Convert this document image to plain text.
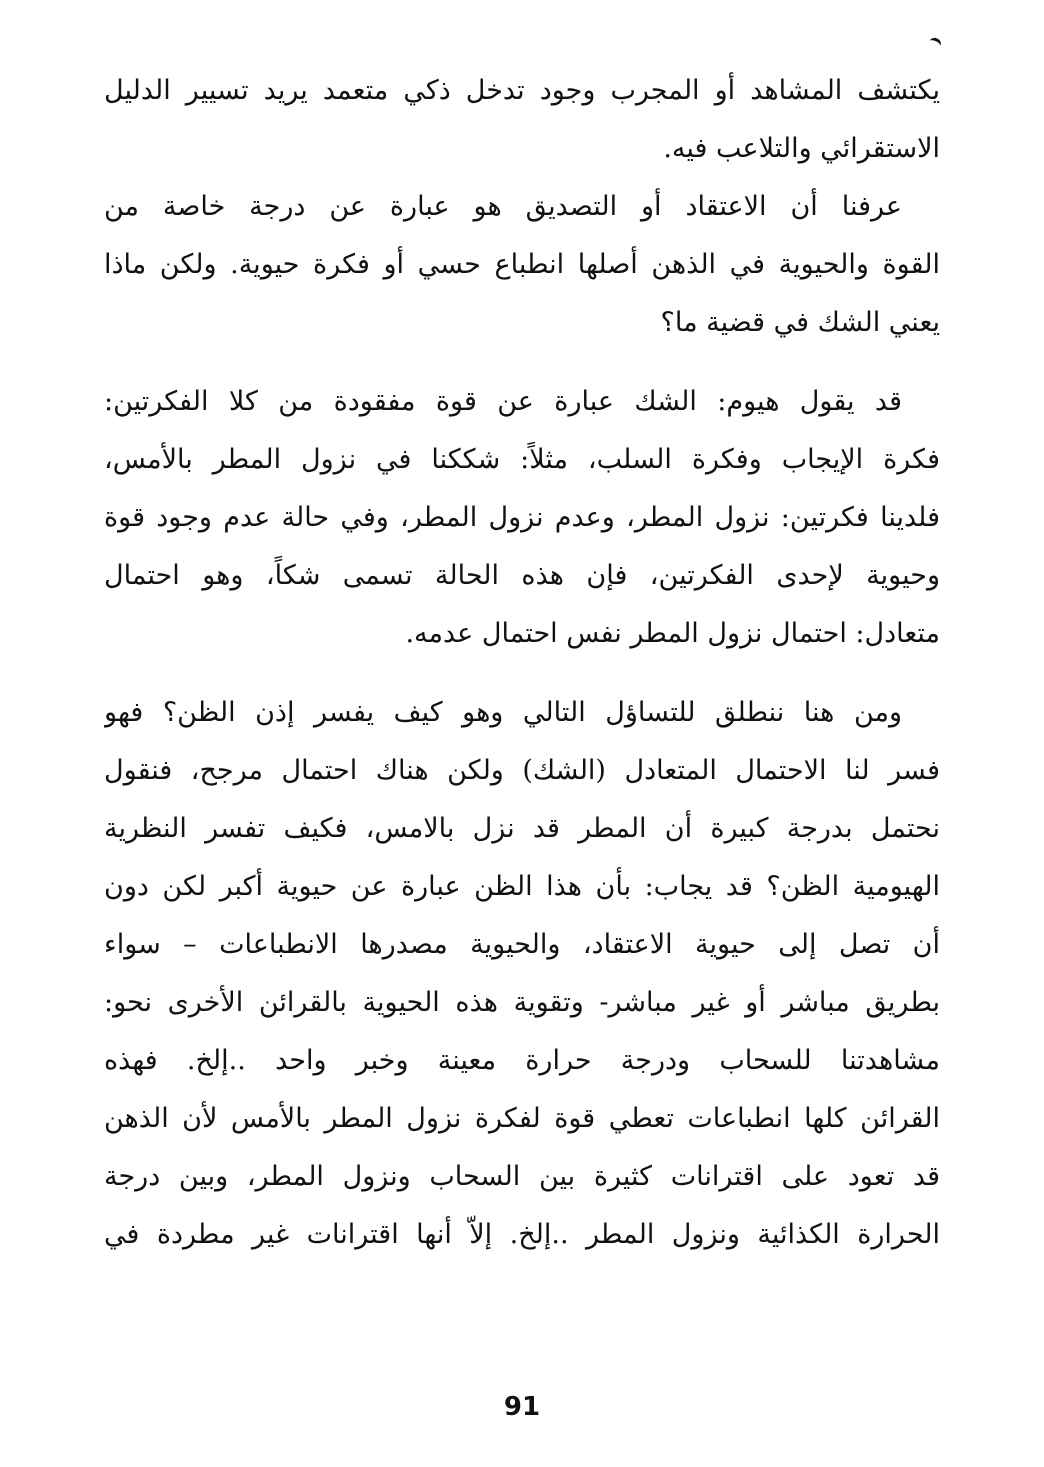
يكتشف المشاهد أو المجرب وجود تدخل ذكي متعمد يريد تسيير الدليل
الاستقرائي والتلاعب فيه.
عرفنا أن الاعتقاد أو التصديق هو عبارة عن درجة خاصة من
القوة والحيوية في الذهن أصلها انطباع حسي أو فكرة حيوية. ولكن ماذا
يعني الشك في قضية ما؟
قد يقول هيوم: الشك عبارة عن قوة مفقودة من كلا الفكرتين:
فكرة الإيجاب وفكرة السلب، مثلاً: شككنا في نزول المطر بالأمس،
فلدينا فكرتين: نزول المطر، وعدم نزول المطر، وفي حالة عدم وجود قوة
وحيوية لإحدى الفكرتين، فإن هذه الحالة تسمى شكاً، وهو احتمال
متعادل: احتمال نزول المطر نفس احتمال عدمه.
ومن هنا ننطلق للتساؤل التالي وهو كيف يفسر إذن الظن؟ فهو
فسر لنا الاحتمال المتعادل (الشك) ولكن هناك احتمال مرجح، فنقول
نحتمل بدرجة كبيرة أن المطر قد نزل بالامس، فكيف تفسر النظرية
الهيومية الظن؟ قد يجاب: بأن هذا الظن عبارة عن حيوية أكبر لكن دون
أن تصل إلى حيوية الاعتقاد، والحيوية مصدرها الانطباعات – سواء
بطريق مباشر أو غير مباشر- وتقوية هذه الحيوية بالقرائن الأخرى نحو:
مشاهدتنا للسحاب ودرجة حرارة معينة وخبر واحد ..إلخ. فهذه
القرائن كلها انطباعات تعطي قوة لفكرة نزول المطر بالأمس لأن الذهن
قد تعود على اقترانات كثيرة بين السحاب ونزول المطر، وبين درجة
الحرارة الكذائية ونزول المطر ..إلخ. إلاّ أنها اقترانات غير مطردة في
91
